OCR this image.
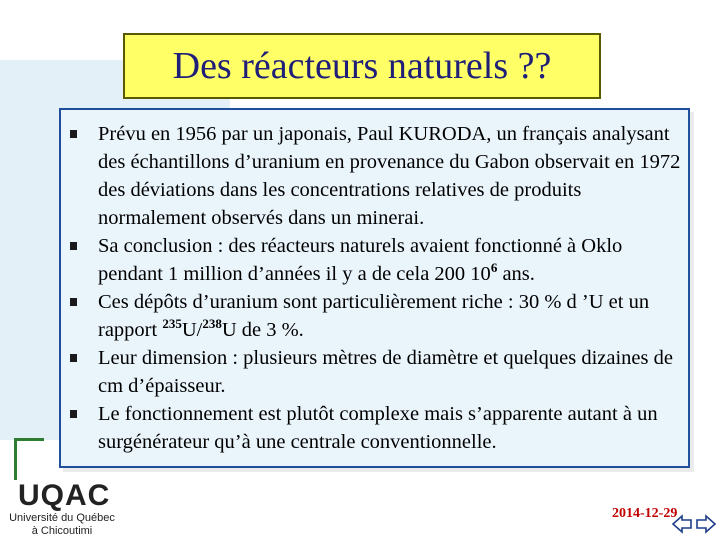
Des réacteurs naturels ??
Prévu en 1956 par un japonais, Paul KURODA, un français analysant des échantillons d’uranium en provenance du Gabon observait en 1972 des déviations dans les concentrations relatives de produits normalement observés dans un minerai.
Sa conclusion : des réacteurs naturels avaient fonctionné à Oklo pendant 1 million d’années il y a de cela 200 $10^6$ ans.
Ces dépôts d’uranium sont particulièrement riche : 30 % d ’U et un rapport $^{235}$U/$^{238}$U de 3 %.
Leur dimension : plusieurs mètres de diamètre et quelques dizaines de cm d’épaisseur.
Le fonctionnement est plutôt complexe mais s’apparente autant à un surgénérateur qu’à une centrale conventionnelle.
UQAC
Université du Québec
à Chicoutimi
2014-12-29
